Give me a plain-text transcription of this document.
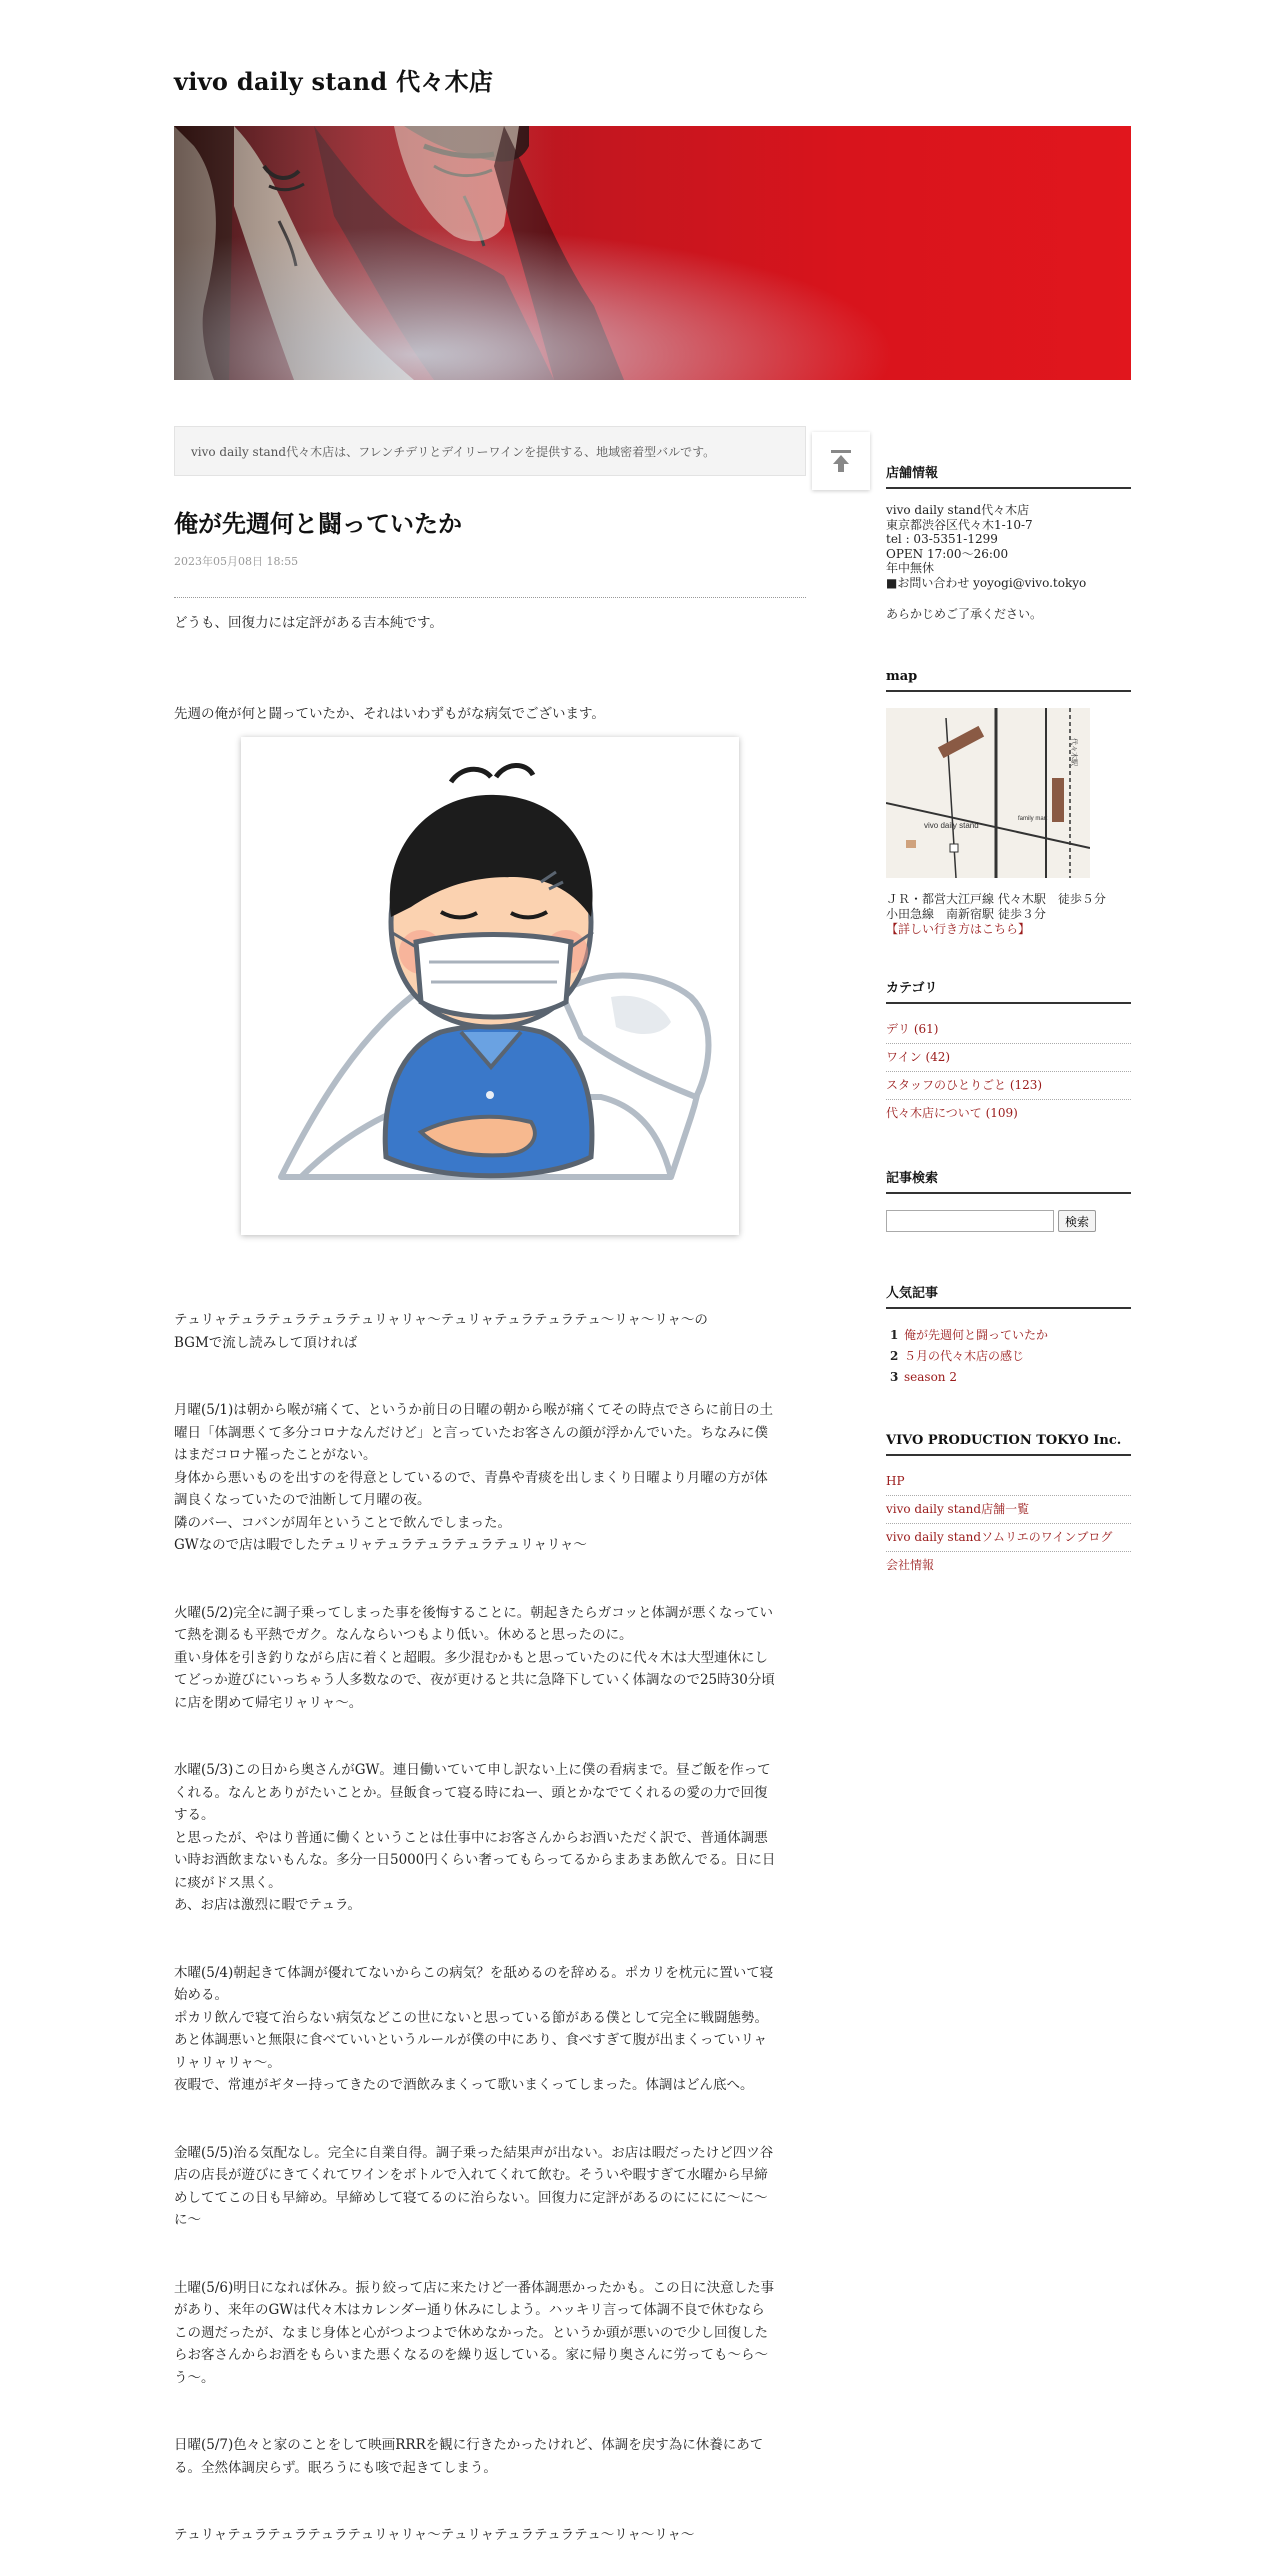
vivo daily stand 代々木店
vivo daily stand代々木店は、フレンチデリとデイリーワインを提供する、地域密着型バルです。
俺が先週何と闘っていたか
2023年05月08日 18:55

どうも、回復力には定評がある吉本純です。

先週の俺が何と闘っていたか、それはいわずもがな病気でございます。

テュリャテュラテュラテュラテュリャリャ〜テュリャテュラテュラテュ〜リャ〜リャ〜の
BGMで流し読みして頂ければ

月曜(5/1)は朝から喉が痛くて、というか前日の日曜の朝から喉が痛くてその時点でさらに前日の土
曜日「体調悪くて多分コロナなんだけど」と言っていたお客さんの顔が浮かんでいた。ちなみに僕
はまだコロナ罹ったことがない。
身体から悪いものを出すのを得意としているので、青鼻や青痰を出しまくり日曜より月曜の方が体
調良くなっていたので油断して月曜の夜。
隣のバー、コバンが周年ということで飲んでしまった。
GWなので店は暇でしたテュリャテュラテュラテュラテュリャリャ〜

火曜(5/2)完全に調子乗ってしまった事を後悔することに。朝起きたらガコッと体調が悪くなってい
て熱を測るも平熱でガク。なんならいつもより低い。休めると思ったのに。
重い身体を引き釣りながら店に着くと超暇。多少混むかもと思っていたのに代々木は大型連休にし
てどっか遊びにいっちゃう人多数なので、夜が更けると共に急降下していく体調なので25時30分頃
に店を閉めて帰宅リャリャ〜。

水曜(5/3)この日から奥さんがGW。連日働いていて申し訳ない上に僕の看病まで。昼ご飯を作って
くれる。なんとありがたいことか。昼飯食って寝る時にねー、頭とかなでてくれるの愛の力で回復
する。
と思ったが、やはり普通に働くということは仕事中にお客さんからお酒いただく訳で、普通体調悪
い時お酒飲まないもんな。多分一日5000円くらい奢ってもらってるからまあまあ飲んでる。日に日
に痰がドス黒く。
あ、お店は激烈に暇でテュラ。

木曜(5/4)朝起きて体調が優れてないからこの病気？を舐めるのを辞める。ポカリを枕元に置いて寝
始める。
ポカリ飲んで寝て治らない病気などこの世にないと思っている節がある僕として完全に戦闘態勢。
あと体調悪いと無限に食べていいというルールが僕の中にあり、食べすぎて腹が出まくっていリャ
リャリャリャ〜。
夜暇で、常連がギター持ってきたので酒飲みまくって歌いまくってしまった。体調はどん底へ。

金曜(5/5)治る気配なし。完全に自業自得。調子乗った結果声が出ない。お店は暇だったけど四ツ谷
店の店長が遊びにきてくれてワインをボトルで入れてくれて飲む。そういや暇すぎて水曜から早締
めしててこの日も早締め。早締めして寝てるのに治らない。回復力に定評があるのにににに〜に〜
に〜

土曜(5/6)明日になれば休み。振り絞って店に来たけど一番体調悪かったかも。この日に決意した事
があり、来年のGWは代々木はカレンダー通り休みにしよう。ハッキリ言って体調不良で休むなら
この週だったが、なまじ身体と心がつよつよで休めなかった。というか頭が悪いので少し回復した
らお客さんからお酒をもらいまた悪くなるのを繰り返している。家に帰り奥さんに労っても〜ら〜
う〜。

日曜(5/7)色々と家のことをして映画RRRを観に行きたかったけれど、体調を戻す為に休養にあて
る。全然体調戻らず。眠ろうにも咳で起きてしまう。

テュリャテュラテュラテュラテュリャリャ〜テュリャテュラテュラテュ〜リャ〜リャ〜

店舗情報
vivo daily stand代々木店
東京都渋谷区代々木1-10-7
tel : 03-5351-1299
OPEN 17:00～26:00
年中無休
■お問い合わせ yoyogi@vivo.tokyo
あらかじめご了承ください。
map
vivo daily stand
代々木駅
family mart
ＪＲ・都営大江戸線 代々木駅　徒歩５分
小田急線　南新宿駅 徒歩３分
【詳しい行き方はこちら】
カテゴリ
デリ (61)
ワイン (42)
スタッフのひとりごと (123)
代々木店について (109)
記事検索
検索
人気記事
1 俺が先週何と闘っていたか
2 ５月の代々木店の感じ
3 season 2
VIVO PRODUCTION TOKYO Inc.
HP
vivo daily stand店舗一覧
vivo daily standソムリエのワインブログ
会社情報
